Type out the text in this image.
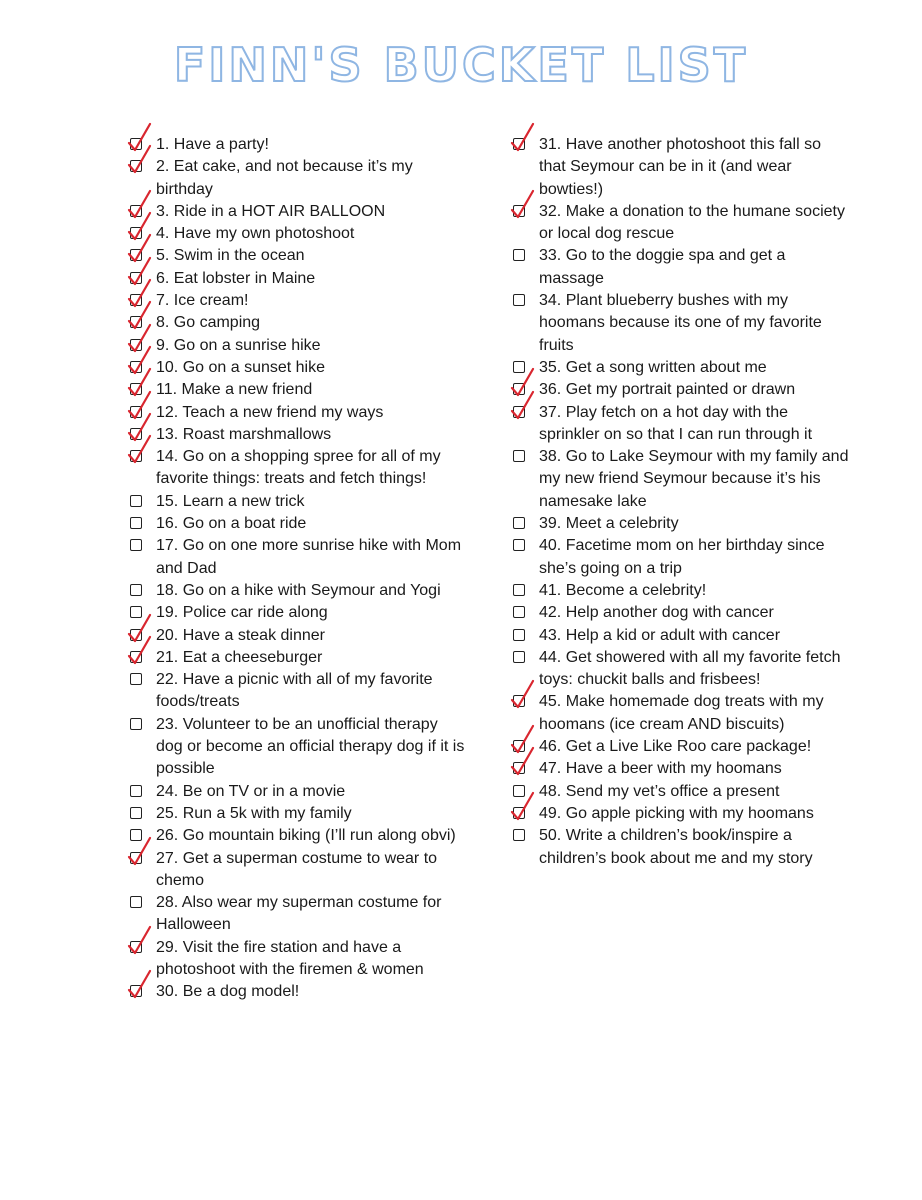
FINN'S BUCKET LIST
1. Have a party!
2. Eat cake, and not because it’s my birthday
3. Ride in a HOT AIR BALLOON
4. Have my own photoshoot
5. Swim in the ocean
6. Eat lobster in Maine
7. Ice cream!
8. Go camping
9. Go on a sunrise hike
10. Go on a sunset hike
11. Make a new friend
12. Teach a new friend my ways
13. Roast marshmallows
14. Go on a shopping spree for all of my favorite things: treats and fetch things!
15. Learn a new trick
16. Go on a boat ride
17. Go on one more sunrise hike with Mom and Dad
18. Go on a hike with Seymour and Yogi
19. Police car ride along
20. Have a steak dinner
21. Eat a cheeseburger
22. Have a picnic with all of my favorite foods/treats
23. Volunteer to be an unofficial therapy dog or become an official therapy dog if it is possible
24. Be on TV or in a movie
25. Run a 5k with my family
26. Go mountain biking (I’ll run along obvi)
27. Get a superman costume to wear to chemo
28. Also wear my superman costume for Halloween
29. Visit the fire station and have a photoshoot with the firemen & women
30. Be a dog model!
31. Have another photoshoot this fall so that Seymour can be in it (and wear bowties!)
32. Make a donation to the humane society or local dog rescue
33. Go to the doggie spa and get a massage
34. Plant blueberry bushes with my hoomans because its one of my favorite fruits
35. Get a song written about me
36. Get my portrait painted or drawn
37. Play fetch on a hot day with the sprinkler on so that I can run through it
38. Go to Lake Seymour with my family and my new friend Seymour because it’s his namesake lake
39. Meet a celebrity
40. Facetime mom on her birthday since she’s going on a trip
41. Become a celebrity!
42. Help another dog with cancer
43. Help a kid or adult with cancer
44. Get showered with all my favorite fetch toys: chuckit balls and frisbees!
45. Make homemade dog treats with my hoomans (ice cream AND biscuits)
46. Get a Live Like Roo care package!
47. Have a beer with my hoomans
48. Send my vet’s office a present
49. Go apple picking with my hoomans
50. Write a children’s book/inspire a children’s book about me and my story
